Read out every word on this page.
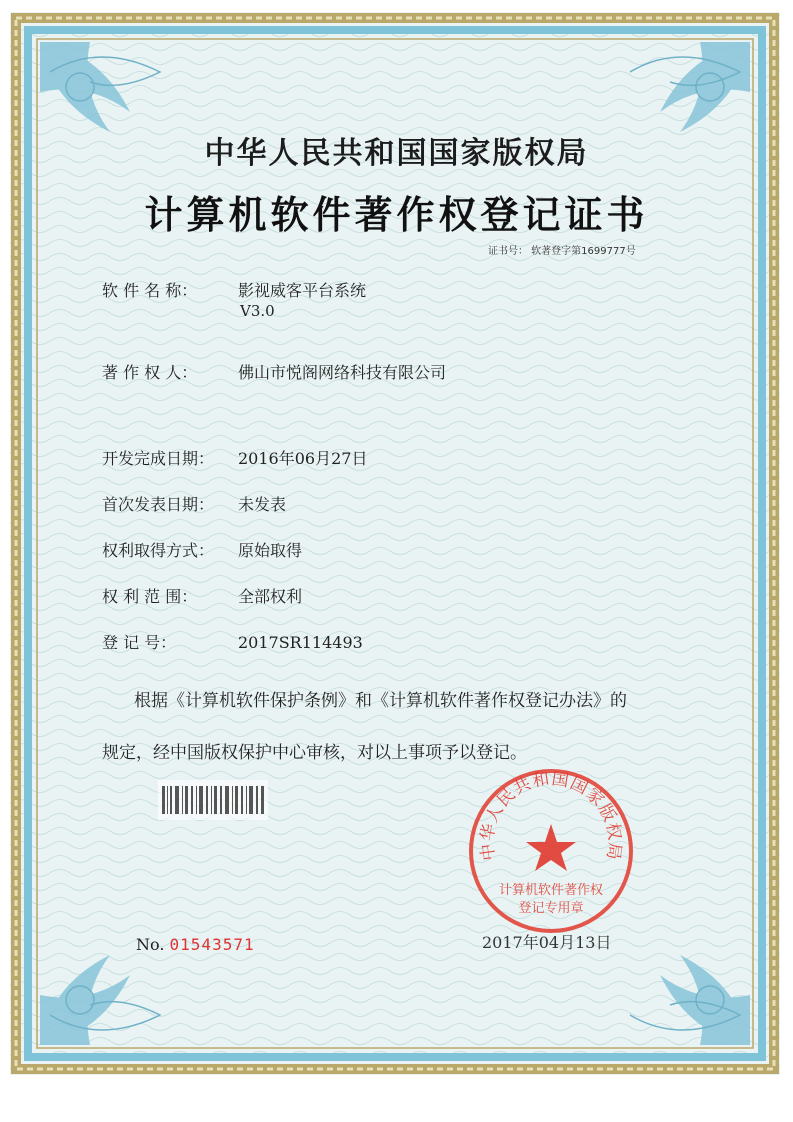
中华人民共和国国家版权局
计算机软件著作权登记证书
证书号： 软著登字第1699777号
软 件 名 称：	影视威客平台系统
V3.0
著 作 权 人：	佛山市悦阁网络科技有限公司
开发完成日期： 2016年06月27日
首次发表日期： 未发表
权利取得方式： 原始取得
权 利 范 围：	全部权利
登 记 号：	2017SR114493
根据《计算机软件保护条例》和《计算机软件著作权登记办法》的
规定，经中国版权保护中心审核，对以上事项予以登记。
No. 01543571	2017年04月13日
中华人民共和国国家版权局
计算机软件著作权
登记专用章
